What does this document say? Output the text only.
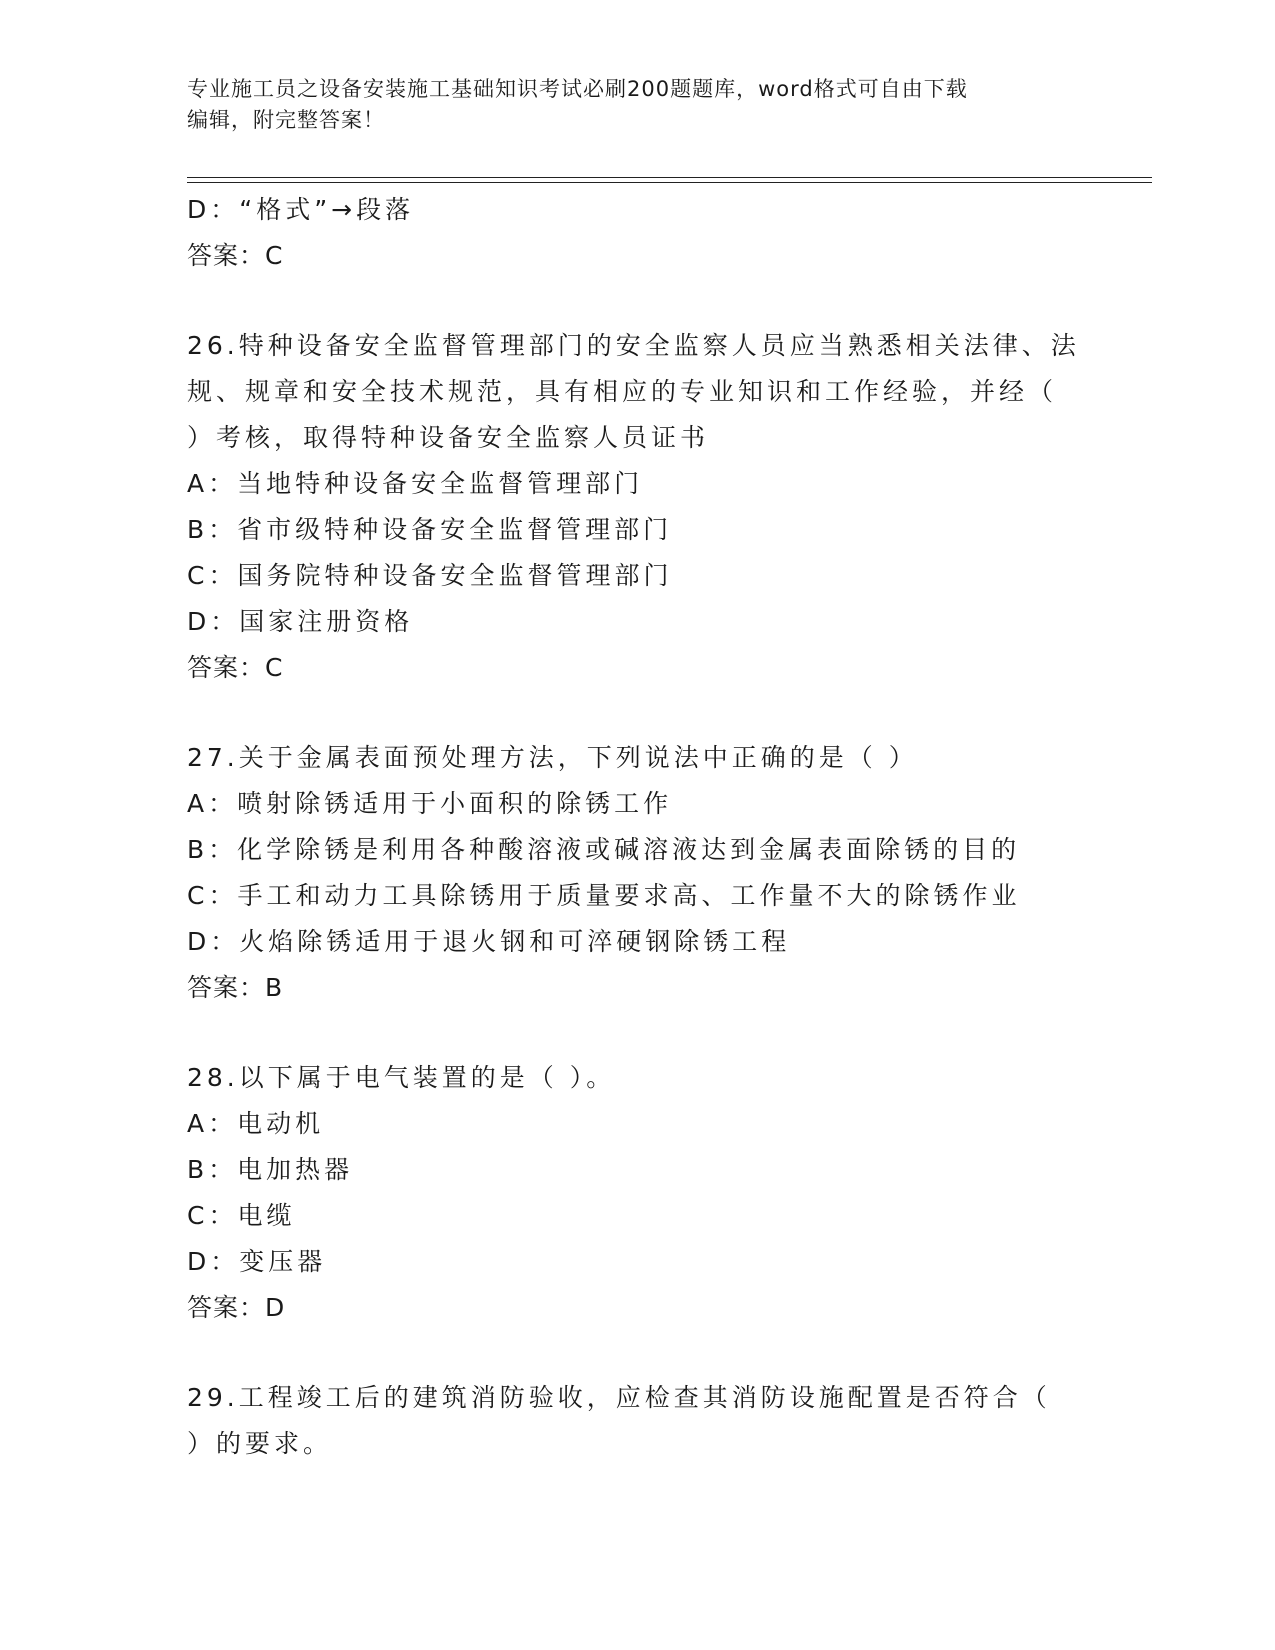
专业施工员之设备安装施工基础知识考试必刷200题题库，word格式可自由下载
编辑，附完整答案！
D：“格式”→段落
答案：C
26.特种设备安全监督管理部门的安全监察人员应当熟悉相关法律、法
规、规章和安全技术规范，具有相应的专业知识和工作经验，并经（
）考核，取得特种设备安全监察人员证书
A：当地特种设备安全监督管理部门
B：省市级特种设备安全监督管理部门
C：国务院特种设备安全监督管理部门
D：国家注册资格
答案：C
27.关于金属表面预处理方法，下列说法中正确的是（ ）
A：喷射除锈适用于小面积的除锈工作
B：化学除锈是利用各种酸溶液或碱溶液达到金属表面除锈的目的
C：手工和动力工具除锈用于质量要求高、工作量不大的除锈作业
D：火焰除锈适用于退火钢和可淬硬钢除锈工程
答案：B
28.以下属于电气装置的是（ ）。
A：电动机
B：电加热器
C：电缆
D：变压器
答案：D
29.工程竣工后的建筑消防验收，应检查其消防设施配置是否符合（
）的要求。
